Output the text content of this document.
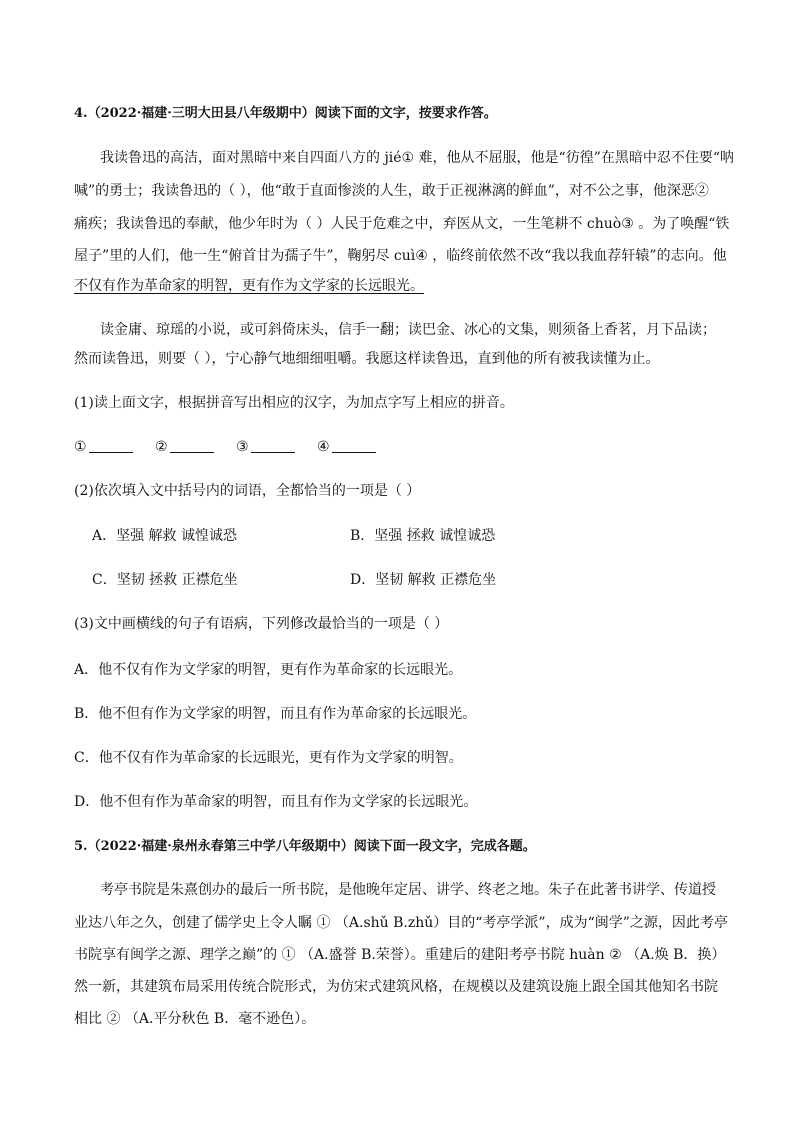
4.（2022·福建·三明大田县八年级期中）阅读下面的文字，按要求作答。
我读鲁迅的高洁，面对黑暗中来自四面八方的 jié① 难，他从不屈服，他是“彷徨”在黑暗中忍不住要“呐
喊”的勇士；我读鲁迅的（ ），他“敢于直面惨淡的人生，敢于正视淋漓的鲜血”，对不公之事，他深恶②
痛疾；我读鲁迅的奉献，他少年时为（ ）人民于危难之中，弃医从文，一生笔耕不 chuò③ 。为了唤醒“铁
屋子”里的人们，他一生“俯首甘为孺子牛”，鞠躬尽 cuì④ ，临终前依然不改“我以我血荐轩辕”的志向。他
不仅有作为革命家的明智，更有作为文学家的长远眼光。
读金庸、琼瑶的小说，或可斜倚床头，信手一翻；读巴金、冰心的文集，则须备上香茗，月下品读；
然而读鲁迅，则要（ ），宁心静气地细细咀嚼。我愿这样读鲁迅，直到他的所有被我读懂为止。
(1)读上面文字，根据拼音写出相应的汉字，为加点字写上相应的拼音。
①	②	③	④
(2)依次填入文中括号内的词语，全都恰当的一项是（ ）
A．坚强 解救 诚惶诚恐	B．坚强 拯救 诚惶诚恐
C．坚韧 拯救 正襟危坐	D．坚韧 解救 正襟危坐
(3)文中画横线的句子有语病，下列修改最恰当的一项是（ ）
A．他不仅有作为文学家的明智，更有作为革命家的长远眼光。
B．他不但有作为文学家的明智，而且有作为革命家的长远眼光。
C．他不仅有作为革命家的长远眼光，更有作为文学家的明智。
D．他不但有作为革命家的明智，而且有作为文学家的长远眼光。
5.（2022·福建·泉州永春第三中学八年级期中）阅读下面一段文字，完成各题。
考亭书院是朱熹创办的最后一所书院，是他晚年定居、讲学、终老之地。朱子在此著书讲学、传道授
业达八年之久，创建了儒学史上令人瞩 ① （A.shǔ B.zhǔ）目的“考亭学派”，成为“闽学”之源，因此考亭
书院享有闽学之源、理学之巅”的 ① （A.盛誉 B.荣誉）。重建后的建阳考亭书院 huàn ② （A.焕 B．换）
然一新，其建筑布局采用传统合院形式，为仿宋式建筑风格，在规模以及建筑设施上跟全国其他知名书院
相比 ② （A.平分秋色 B．毫不逊色）。
